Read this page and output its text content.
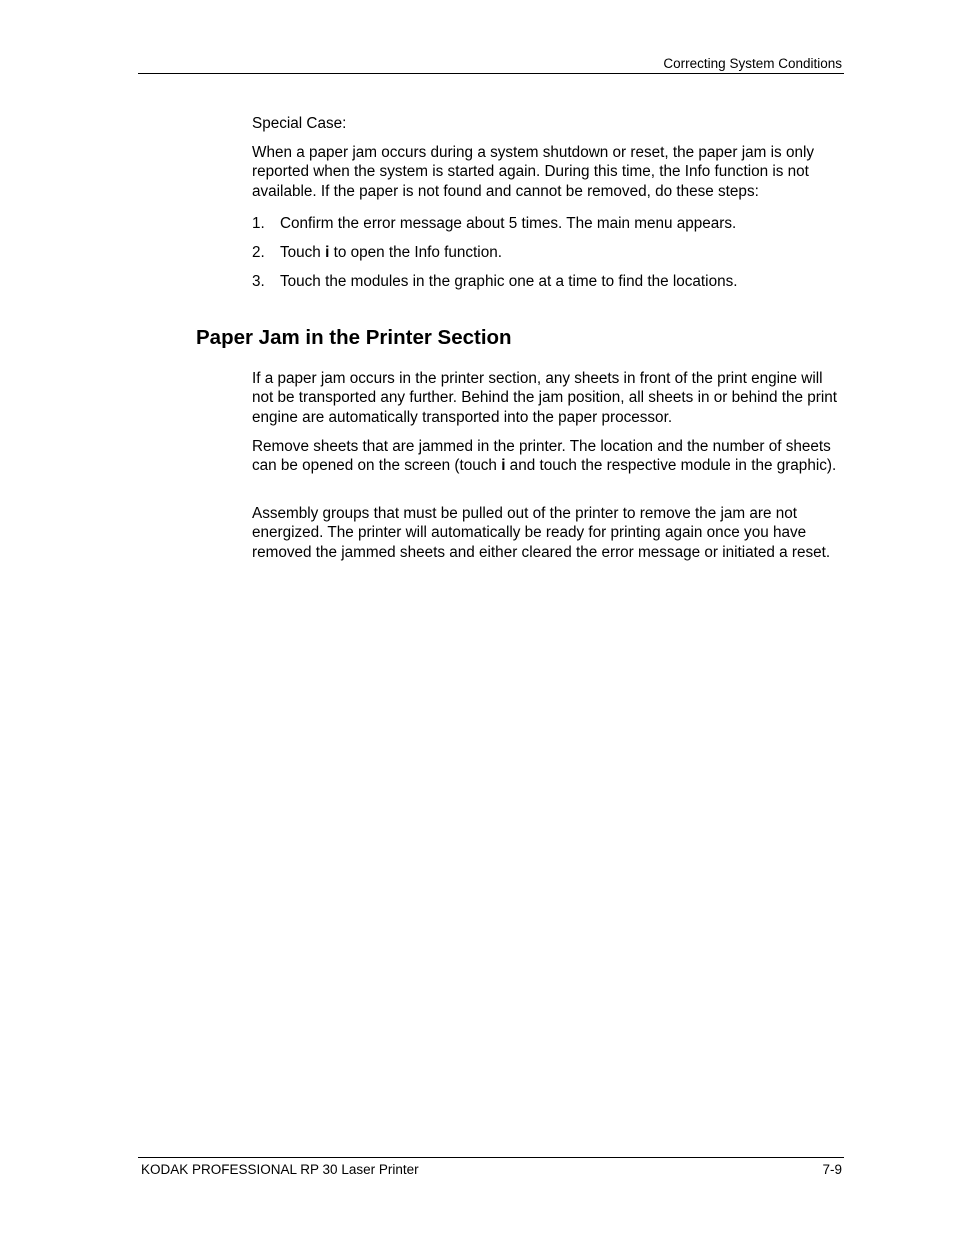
Correcting System Conditions

Special Case:

When a paper jam occurs during a system shutdown or reset, the paper jam is only reported when the system is started again. During this time, the Info function is not available. If the paper is not found and cannot be removed, do these steps:

1. Confirm the error message about 5 times. The main menu appears.
2. Touch i to open the Info function.
3. Touch the modules in the graphic one at a time to find the locations.
Paper Jam in the Printer Section

If a paper jam occurs in the printer section, any sheets in front of the print engine will not be transported any further. Behind the jam position, all sheets in or behind the print engine are automatically transported into the paper processor.

Remove sheets that are jammed in the printer. The location and the number of sheets can be opened on the screen (touch i and touch the respective module in the graphic).

Assembly groups that must be pulled out of the printer to remove the jam are not energized. The printer will automatically be ready for printing again once you have removed the jammed sheets and either cleared the error message or initiated a reset.

KODAK PROFESSIONAL RP 30 Laser Printer	7-9
